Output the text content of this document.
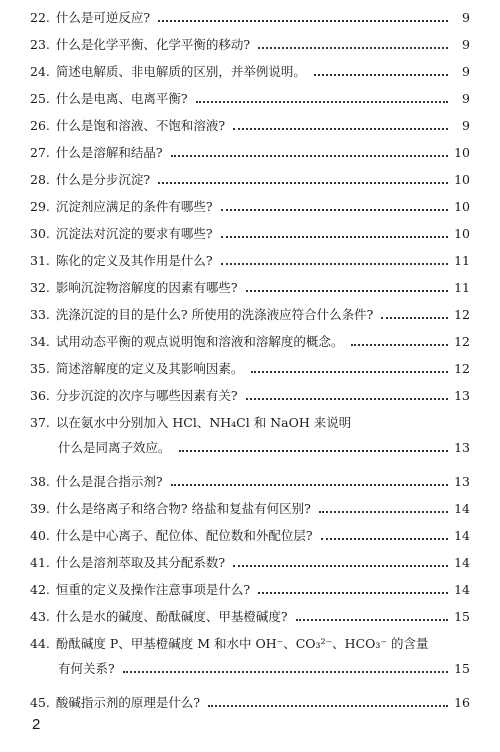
22. 什么是可逆反应?	9
23. 什么是化学平衡、化学平衡的移动?	9
24. 简述电解质、非电解质的区别，并举例说明。	9
25. 什么是电离、电离平衡?	9
26. 什么是饱和溶液、不饱和溶液?	9
27. 什么是溶解和结晶?	10
28. 什么是分步沉淀?	10
29. 沉淀剂应满足的条件有哪些?	10
30. 沉淀法对沉淀的要求有哪些?	10
31. 陈化的定义及其作用是什么?	11
32. 影响沉淀物溶解度的因素有哪些?	11
33. 洗涤沉淀的目的是什么? 所使用的洗涤液应符合什么条件?	12
34. 试用动态平衡的观点说明饱和溶液和溶解度的概念。	12
35. 简述溶解度的定义及其影响因素。	12
36. 分步沉淀的次序与哪些因素有关?	13
37. 以在氨水中分别加入 HCl、NH₄Cl 和 NaOH 来说明
什么是同离子效应。	13
38. 什么是混合指示剂?	13
39. 什么是络离子和络合物? 络盐和复盐有何区别?	14
40. 什么是中心离子、配位体、配位数和外配位层?	14
41. 什么是溶剂萃取及其分配系数?	14
42. 恒重的定义及操作注意事项是什么?	14
43. 什么是水的碱度、酚酞碱度、甲基橙碱度?	15
44. 酚酞碱度 P、甲基橙碱度 M 和水中 OH⁻、CO₃²⁻、HCO₃⁻ 的含量
有何关系?	15
45. 酸碱指示剂的原理是什么?	16
2
